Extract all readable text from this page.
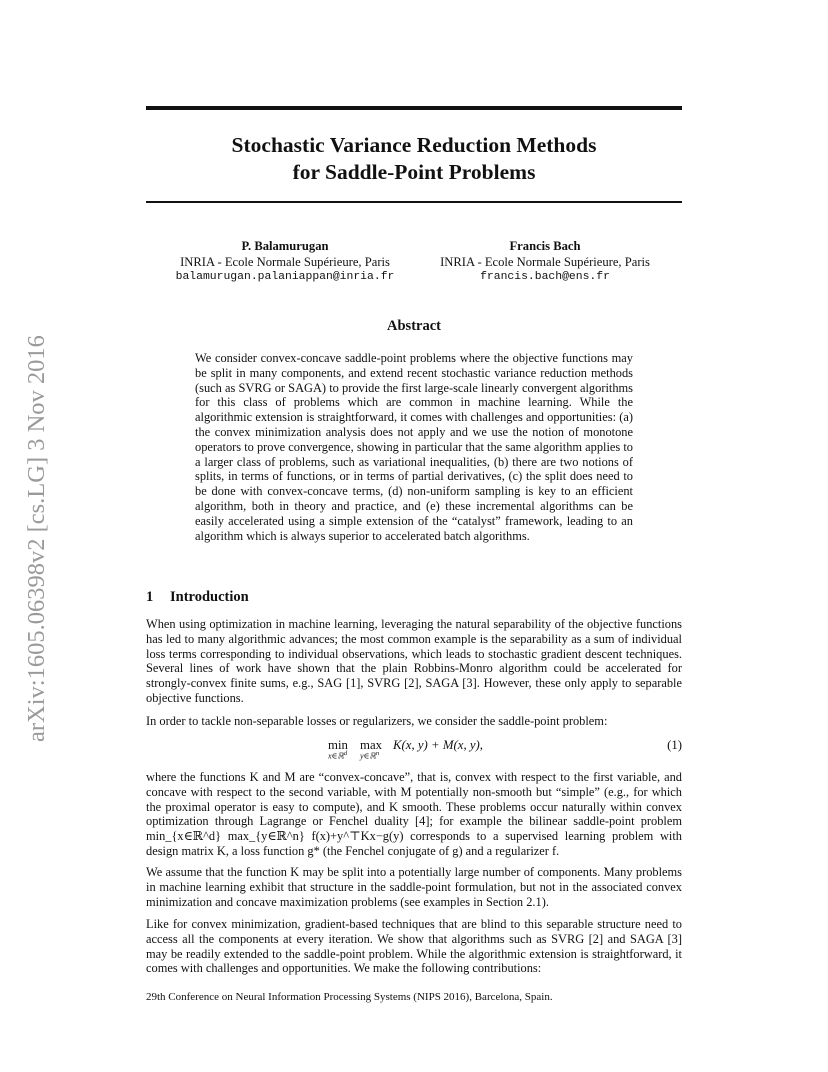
arXiv:1605.06398v2 [cs.LG] 3 Nov 2016
Stochastic Variance Reduction Methods
for Saddle-Point Problems
P. Balamurugan
INRIA - Ecole Normale Supérieure, Paris
balamurugan.palaniappan@inria.fr
Francis Bach
INRIA - Ecole Normale Supérieure, Paris
francis.bach@ens.fr
Abstract
We consider convex-concave saddle-point problems where the objective functions may be split in many components, and extend recent stochastic variance reduction methods (such as SVRG or SAGA) to provide the first large-scale linearly convergent algorithms for this class of problems which are common in machine learning. While the algorithmic extension is straightforward, it comes with challenges and opportunities: (a) the convex minimization analysis does not apply and we use the notion of monotone operators to prove convergence, showing in particular that the same algorithm applies to a larger class of problems, such as variational inequalities, (b) there are two notions of splits, in terms of functions, or in terms of partial derivatives, (c) the split does need to be done with convex-concave terms, (d) non-uniform sampling is key to an efficient algorithm, both in theory and practice, and (e) these incremental algorithms can be easily accelerated using a simple extension of the “catalyst” framework, leading to an algorithm which is always superior to accelerated batch algorithms.
1 Introduction
When using optimization in machine learning, leveraging the natural separability of the objective functions has led to many algorithmic advances; the most common example is the separability as a sum of individual loss terms corresponding to individual observations, which leads to stochastic gradient descent techniques. Several lines of work have shown that the plain Robbins-Monro algorithm could be accelerated for strongly-convex finite sums, e.g., SAG [1], SVRG [2], SAGA [3]. However, these only apply to separable objective functions.
In order to tackle non-separable losses or regularizers, we consider the saddle-point problem:
min
x∈ℝ$^d$
max
y∈ℝ$^n$
K(x, y) + M(x, y),	(1)
where the functions K and M are “convex-concave”, that is, convex with respect to the first variable, and concave with respect to the second variable, with M potentially non-smooth but “simple” (e.g., for which the proximal operator is easy to compute), and K smooth. These problems occur naturally within convex optimization through Lagrange or Fenchel duality [4]; for example the bilinear saddle-point problem min_{x∈ℝ^d} max_{y∈ℝ^n} f(x)+y^⊤Kx−g(y) corresponds to a supervised learning problem with design matrix K, a loss function g* (the Fenchel conjugate of g) and a regularizer f.
We assume that the function K may be split into a potentially large number of components. Many problems in machine learning exhibit that structure in the saddle-point formulation, but not in the associated convex minimization and concave maximization problems (see examples in Section 2.1).
Like for convex minimization, gradient-based techniques that are blind to this separable structure need to access all the components at every iteration. We show that algorithms such as SVRG [2] and SAGA [3] may be readily extended to the saddle-point problem. While the algorithmic extension is straightforward, it comes with challenges and opportunities. We make the following contributions:
29th Conference on Neural Information Processing Systems (NIPS 2016), Barcelona, Spain.
